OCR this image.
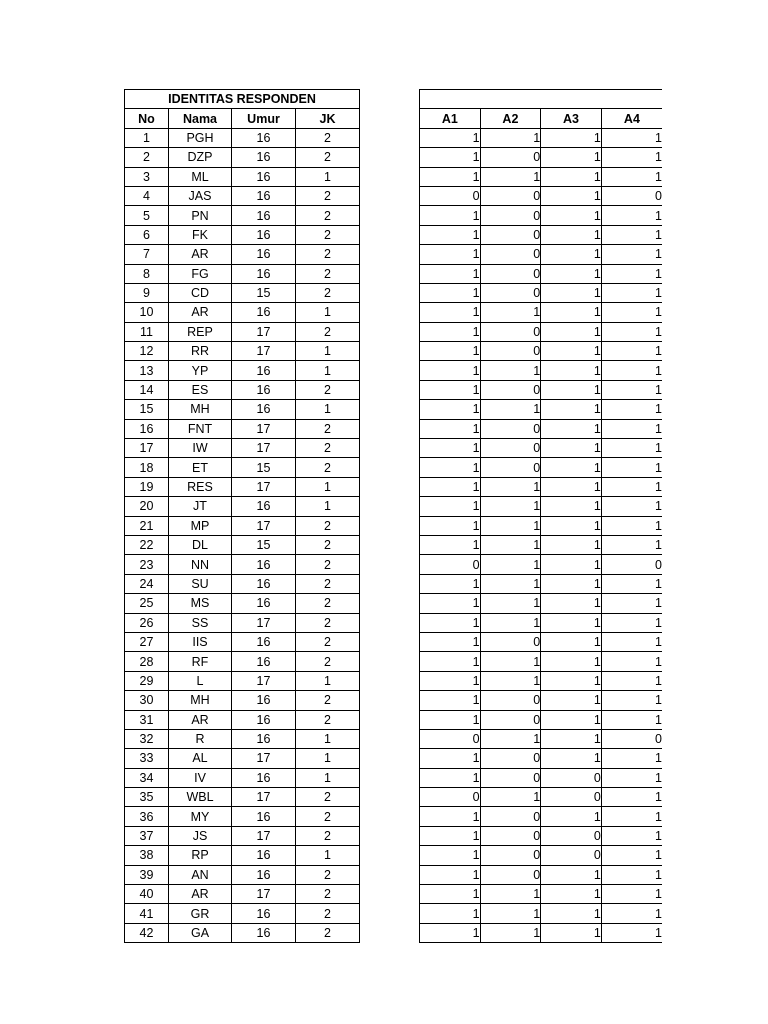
IDENTITAS RESPONDEN			
No	Nama	Umur	JK
1	PGH	16	2
2	DZP	16	2
3	ML	16	1
4	JAS	16	2
5	PN	16	2
6	FK	16	2
7	AR	16	2
8	FG	16	2
9	CD	15	2
10	AR	16	1
11	REP	17	2
12	RR	17	1
13	YP	16	1
14	ES	16	2
15	MH	16	1
16	FNT	17	2
17	IW	17	2
18	ET	15	2
19	RES	17	1
20	JT	16	1
21	MP	17	2
22	DL	15	2
23	NN	16	2
24	SU	16	2
25	MS	16	2
26	SS	17	2
27	IIS	16	2
28	RF	16	2
29	L	17	1
30	MH	16	2
31	AR	16	2
32	R	16	1
33	AL	17	1
34	IV	16	1
35	WBL	17	2
36	MY	16	2
37	JS	17	2
38	RP	16	1
39	AN	16	2
40	AR	17	2
41	GR	16	2
42	GA	16	2

A1	A2	A3	A4
1	1	1	1
1	0	1	1
1	1	1	1
0	0	1	0
1	0	1	1
1	0	1	1
1	0	1	1
1	0	1	1
1	0	1	1
1	1	1	1
1	0	1	1
1	0	1	1
1	1	1	1
1	0	1	1
1	1	1	1
1	0	1	1
1	0	1	1
1	0	1	1
1	1	1	1
1	1	1	1
1	1	1	1
1	1	1	1
0	1	1	0
1	1	1	1
1	1	1	1
1	1	1	1
1	0	1	1
1	1	1	1
1	1	1	1
1	0	1	1
1	0	1	1
0	1	1	0
1	0	1	1
1	0	0	1
0	1	0	1
1	0	1	1
1	0	0	1
1	0	0	1
1	0	1	1
1	1	1	1
1	1	1	1
1	1	1	1
